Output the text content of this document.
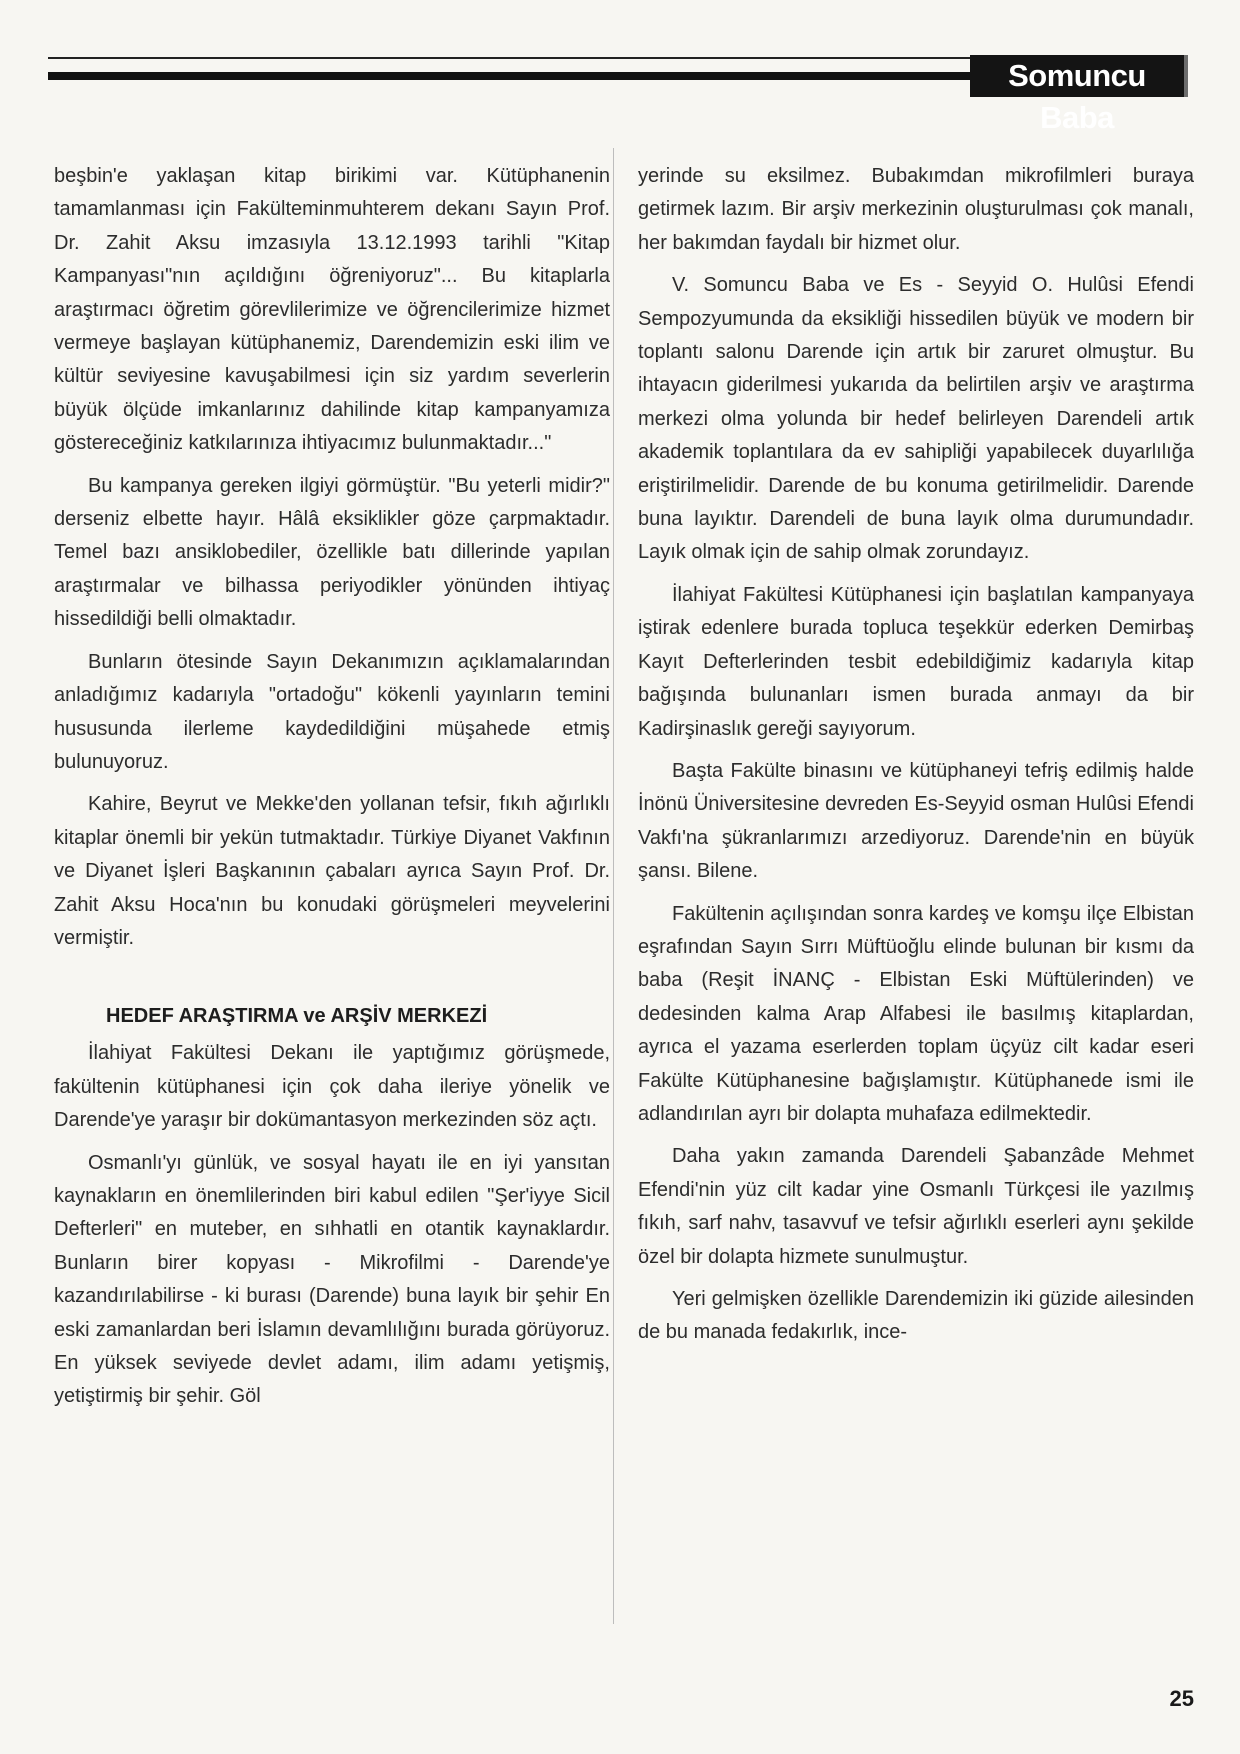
Somuncu Baba

beşbin'e yaklaşan kitap birikimi var. Kütüphanenin tamamlanması için Fakülteminmuhterem dekanı Sayın Prof. Dr. Zahit Aksu imzasıyla 13.12.1993 tarihli "Kitap Kampanyası"nın açıldığını öğreniyoruz"... Bu kitaplarla araştırmacı öğretim görevlilerimize ve öğrencilerimize hizmet vermeye başlayan kütüphanemiz, Darendemizin eski ilim ve kültür seviyesine kavuşabilmesi için siz yardım severlerin büyük ölçüde imkanlarınız dahilinde kitap kampanyamıza göstereceğiniz katkılarınıza ihtiyacımız bulunmaktadır..."

Bu kampanya gereken ilgiyi görmüştür. "Bu yeterli midir?" derseniz elbette hayır. Hâlâ eksiklikler göze çarpmaktadır. Temel bazı ansiklobediler, özellikle batı dillerinde yapılan araştırmalar ve bilhassa periyodikler yönünden ihtiyaç hissedildiği belli olmaktadır.

Bunların ötesinde Sayın Dekanımızın açıklamalarından anladığımız kadarıyla "ortadoğu" kökenli yayınların temini hususunda ilerleme kaydedildiğini müşahede etmiş bulunuyoruz.

Kahire, Beyrut ve Mekke'den yollanan tefsir, fıkıh ağırlıklı kitaplar önemli bir yekün tutmaktadır. Türkiye Diyanet Vakfının ve Diyanet İşleri Başkanının çabaları ayrıca Sayın Prof. Dr. Zahit Aksu Hoca'nın bu konudaki görüşmeleri meyvelerini vermiştir.

HEDEF ARAŞTIRMA ve ARŞİV MERKEZİ

İlahiyat Fakültesi Dekanı ile yaptığımız görüşmede, fakültenin kütüphanesi için çok daha ileriye yönelik ve Darende'ye yaraşır bir dokümantasyon merkezinden söz açtı.

Osmanlı'yı günlük, ve sosyal hayatı ile en iyi yansıtan kaynakların en önemlilerinden biri kabul edilen "Şer'iyye Sicil Defterleri" en muteber, en sıhhatli en otantik kaynaklardır. Bunların birer kopyası - Mikrofilmi - Darende'ye kazandırılabilirse - ki burası (Darende) buna layık bir şehir En eski zamanlardan beri İslamın devamlılığını burada görüyoruz. En yüksek seviyede devlet adamı, ilim adamı yetişmiş, yetiştirmiş bir şehir. Göl

yerinde su eksilmez. Bubakımdan mikrofilmleri buraya getirmek lazım. Bir arşiv merkezinin oluşturulması çok manalı, her bakımdan faydalı bir hizmet olur.

V. Somuncu Baba ve Es - Seyyid O. Hulûsi Efendi Sempozyumunda da eksikliği hissedilen büyük ve modern bir toplantı salonu Darende için artık bir zaruret olmuştur. Bu ihtayacın giderilmesi yukarıda da belirtilen arşiv ve araştırma merkezi olma yolunda bir hedef belirleyen Darendeli artık akademik toplantılara da ev sahipliği yapabilecek duyarlılığa eriştirilmelidir. Darende de bu konuma getirilmelidir. Darende buna layıktır. Darendeli de buna layık olma durumundadır. Layık olmak için de sahip olmak zorundayız.

İlahiyat Fakültesi Kütüphanesi için başlatılan kampanyaya iştirak edenlere burada topluca teşekkür ederken Demirbaş Kayıt Defterlerinden tesbit edebildiğimiz kadarıyla kitap bağışında bulunanları ismen burada anmayı da bir Kadirşinaslık gereği sayıyorum.

Başta Fakülte binasını ve kütüphaneyi tefriş edilmiş halde İnönü Üniversitesine devreden Es-Seyyid osman Hulûsi Efendi Vakfı'na şükranlarımızı arzediyoruz. Darende'nin en büyük şansı. Bilene.

Fakültenin açılışından sonra kardeş ve komşu ilçe Elbistan eşrafından Sayın Sırrı Müftüoğlu elinde bulunan bir kısmı da baba (Reşit İNANÇ - Elbistan Eski Müftülerinden) ve dedesinden kalma Arap Alfabesi ile basılmış kitaplardan, ayrıca el yazama eserlerden toplam üçyüz cilt kadar eseri Fakülte Kütüphanesine bağışlamıştır. Kütüphanede ismi ile adlandırılan ayrı bir dolapta muhafaza edilmektedir.

Daha yakın zamanda Darendeli Şabanzâde Mehmet Efendi'nin yüz cilt kadar yine Osmanlı Türkçesi ile yazılmış fıkıh, sarf nahv, tasavvuf ve tefsir ağırlıklı eserleri aynı şekilde özel bir dolapta hizmete sunulmuştur.

Yeri gelmişken özellikle Darendemizin iki güzide ailesinden de bu manada fedakırlık, ince-

25
